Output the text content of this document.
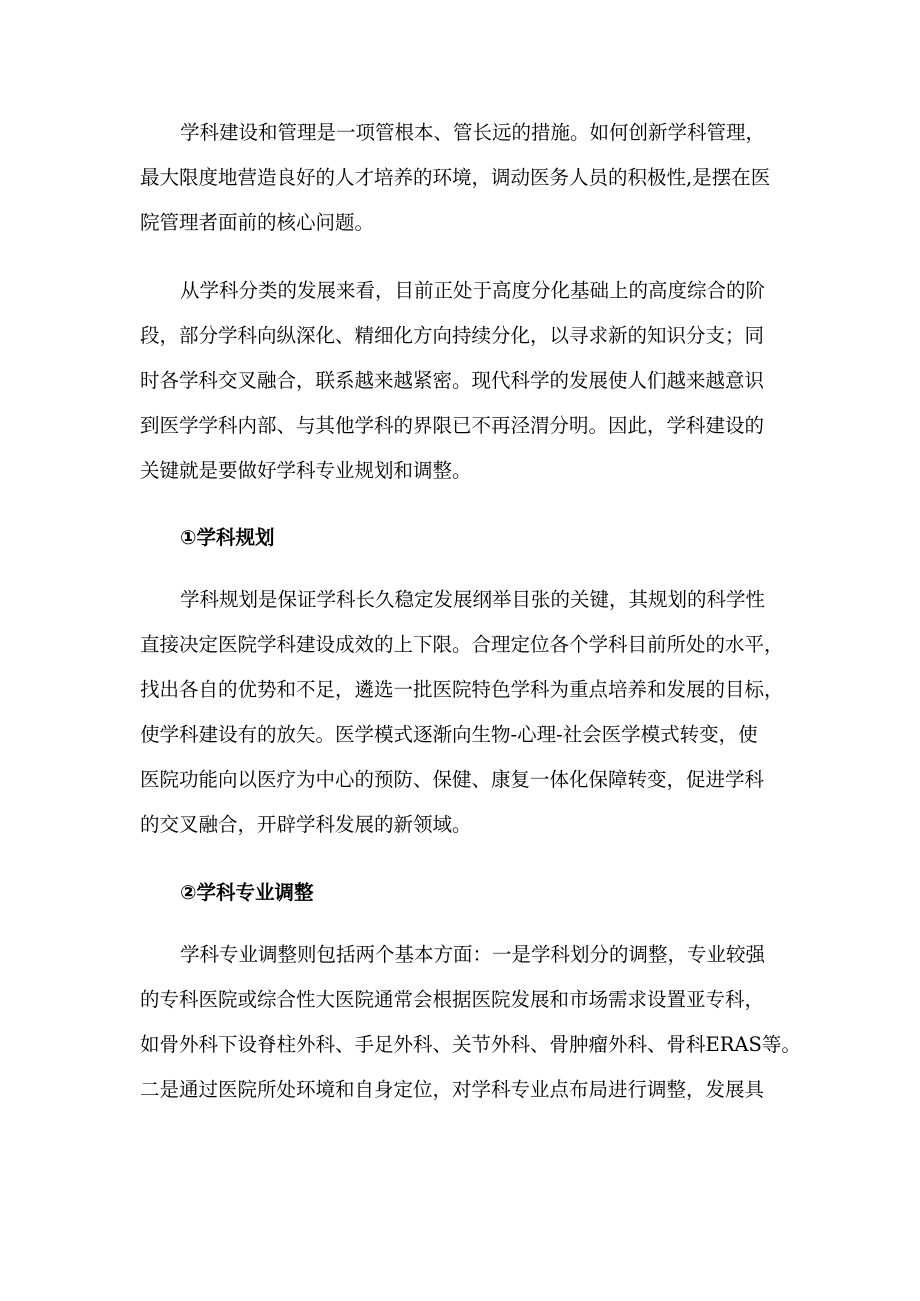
学科建设和管理是一项管根本、管长远的措施。如何创新学科管理，
最大限度地营造良好的人才培养的环境，调动医务人员的积极性,是摆在医
院管理者面前的核心问题。
从学科分类的发展来看，目前正处于高度分化基础上的高度综合的阶
段，部分学科向纵深化、精细化方向持续分化，以寻求新的知识分支；同
时各学科交叉融合，联系越来越紧密。现代科学的发展使人们越来越意识
到医学学科内部、与其他学科的界限已不再泾渭分明。因此，学科建设的
关键就是要做好学科专业规划和调整。
①学科规划
学科规划是保证学科长久稳定发展纲举目张的关键，其规划的科学性
直接决定医院学科建设成效的上下限。合理定位各个学科目前所处的水平，
找出各自的优势和不足，遴选一批医院特色学科为重点培养和发展的目标，
使学科建设有的放矢。医学模式逐渐向生物-心理-社会医学模式转变，使
医院功能向以医疗为中心的预防、保健、康复一体化保障转变，促进学科
的交叉融合，开辟学科发展的新领域。
②学科专业调整
学科专业调整则包括两个基本方面：一是学科划分的调整，专业较强
的专科医院或综合性大医院通常会根据医院发展和市场需求设置亚专科，
如骨外科下设脊柱外科、手足外科、关节外科、骨肿瘤外科、骨科ERAS等。
二是通过医院所处环境和自身定位，对学科专业点布局进行调整，发展具
